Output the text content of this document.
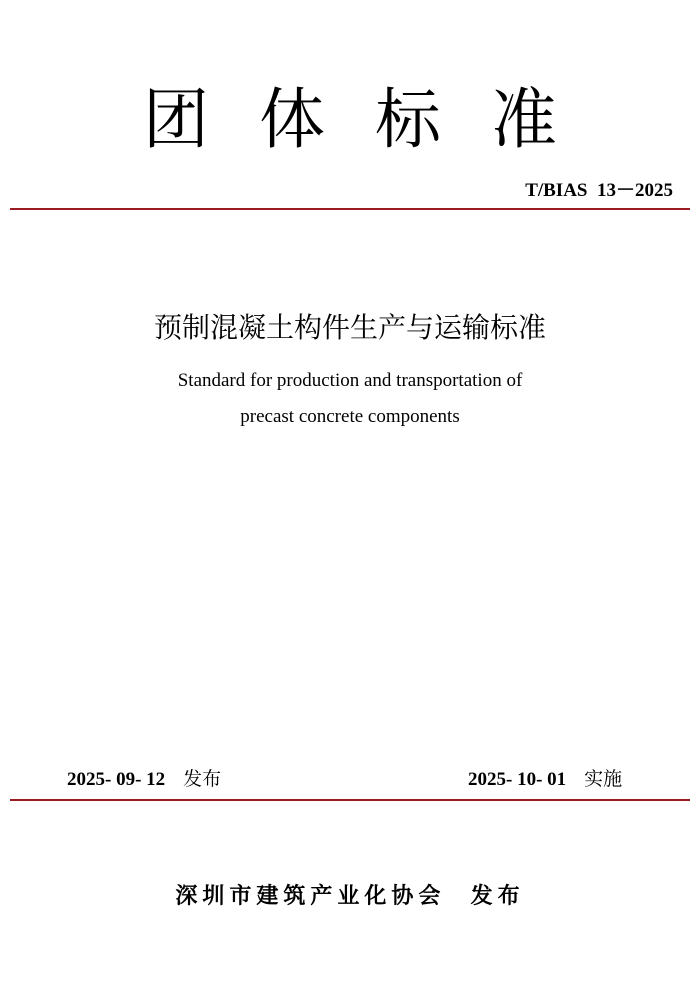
团体标准
T/BIAS  13－2025
预制混凝土构件生产与运输标准
Standard for production and transportation of
precast concrete components
2025- 09- 12 发布	2025- 10- 01 实施
深圳市建筑产业化协会  发布
